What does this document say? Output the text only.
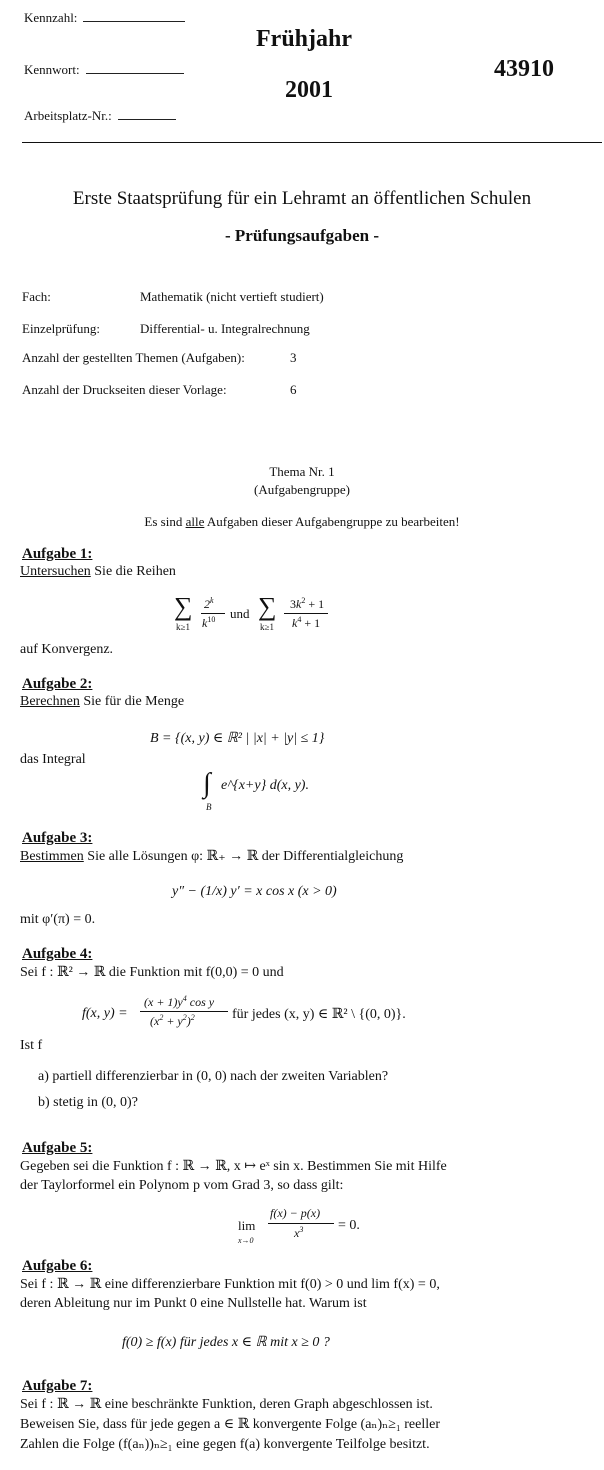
Kennzahl:
Kennwort:
Arbeitsplatz-Nr.:
Frühjahr
2001
43910
Erste Staatsprüfung für ein Lehramt an öffentlichen Schulen
- Prüfungsaufgaben -
Fach:	Mathematik (nicht vertieft studiert)
Einzelprüfung:	Differential- u. Integralrechnung
Anzahl der gestellten Themen (Aufgaben):	3
Anzahl der Druckseiten dieser Vorlage:	6
Thema Nr. 1
(Aufgabengruppe)
Es sind alle Aufgaben dieser Aufgabengruppe zu bearbeiten!
Aufgabe 1:
Untersuchen Sie die Reihen
∑
k≥1
2$^k$
$k^{10}$ und ∑
k≥1
$3k^2 + 1$
$k^4 + 1$
auf Konvergenz.
Aufgabe 2:
Berechnen Sie für die Menge
B = {(x, y) ∈ ℝ² | |x| + |y| ≤ 1}
das Integral
∫
B
e^{x+y} d(x, y).
Aufgabe 3:
Bestimmen Sie alle Lösungen φ: ℝ₊ → ℝ der Differentialgleichung
y″ − (1/x) y′ = x cos x (x > 0)
mit φ′(π) = 0.
Aufgabe 4:
Sei f : ℝ² → ℝ die Funktion mit f(0,0) = 0 und
f(x, y) =
$(x + 1)y^4$ cos y
$(x^2 + y^2)^2$	für jedes (x, y) ∈ ℝ² \ {(0, 0)}.
Ist f
a) partiell differenzierbar in (0, 0) nach der zweiten Variablen?
b) stetig in (0, 0)?
Aufgabe 5:
Gegeben sei die Funktion f : ℝ → ℝ, x ↦ eˣ sin x. Bestimmen Sie mit Hilfe
der Taylorformel ein Polynom p vom Grad 3, so dass gilt:
lim
x→0
f(x) − p(x)
$x^3 = 0$.
Aufgabe 6:
Sei f : ℝ → ℝ eine differenzierbare Funktion mit f(0) > 0 und lim f(x) = 0,
deren Ableitung nur im Punkt 0 eine Nullstelle hat. Warum ist
f(0) ≥ f(x) für jedes x ∈ ℝ mit x ≥ 0 ?
Aufgabe 7:
Sei f : ℝ → ℝ eine beschränkte Funktion, deren Graph abgeschlossen ist.
Beweisen Sie, dass für jede gegen a ∈ ℝ konvergente Folge (aₙ)ₙ≥₁ reeller
Zahlen die Folge (f(aₙ))ₙ≥₁ eine gegen f(a) konvergente Teilfolge besitzt.
